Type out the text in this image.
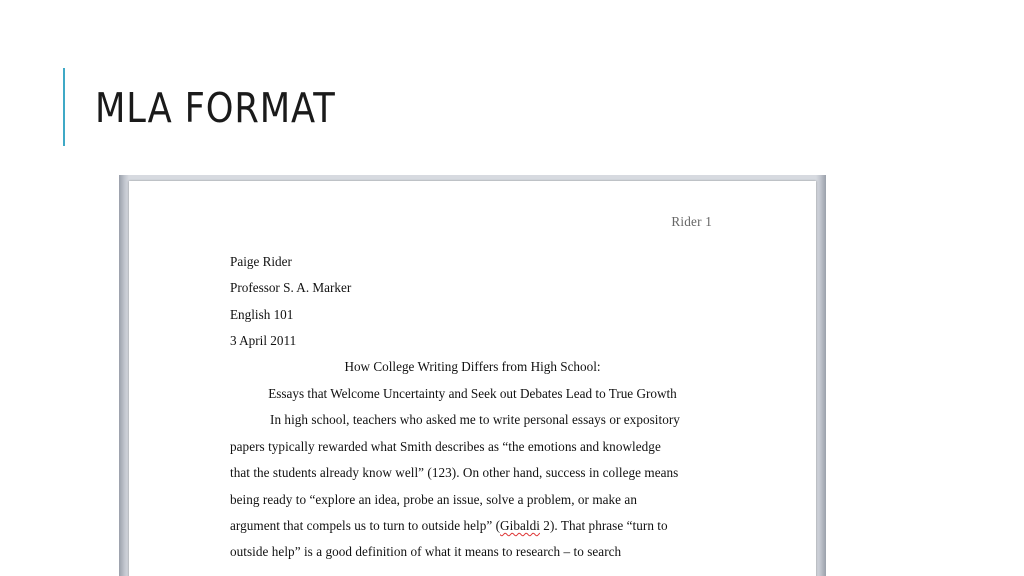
MLA FORMAT
Rider 1
Paige Rider
Professor S. A. Marker
English 101
3 April 2011
How College Writing Differs from High School:
Essays that Welcome Uncertainty and Seek out Debates Lead to True Growth
In high school, teachers who asked me to write personal essays or expository
papers typically rewarded what Smith describes as “the emotions and knowledge
that the students already know well” (123). On other hand, success in college means
being ready to “explore an idea, probe an issue, solve a problem, or make an
argument that compels us to turn to outside help” (Gibaldi 2). That phrase “turn to
outside help” is a good definition of what it means to research – to search
